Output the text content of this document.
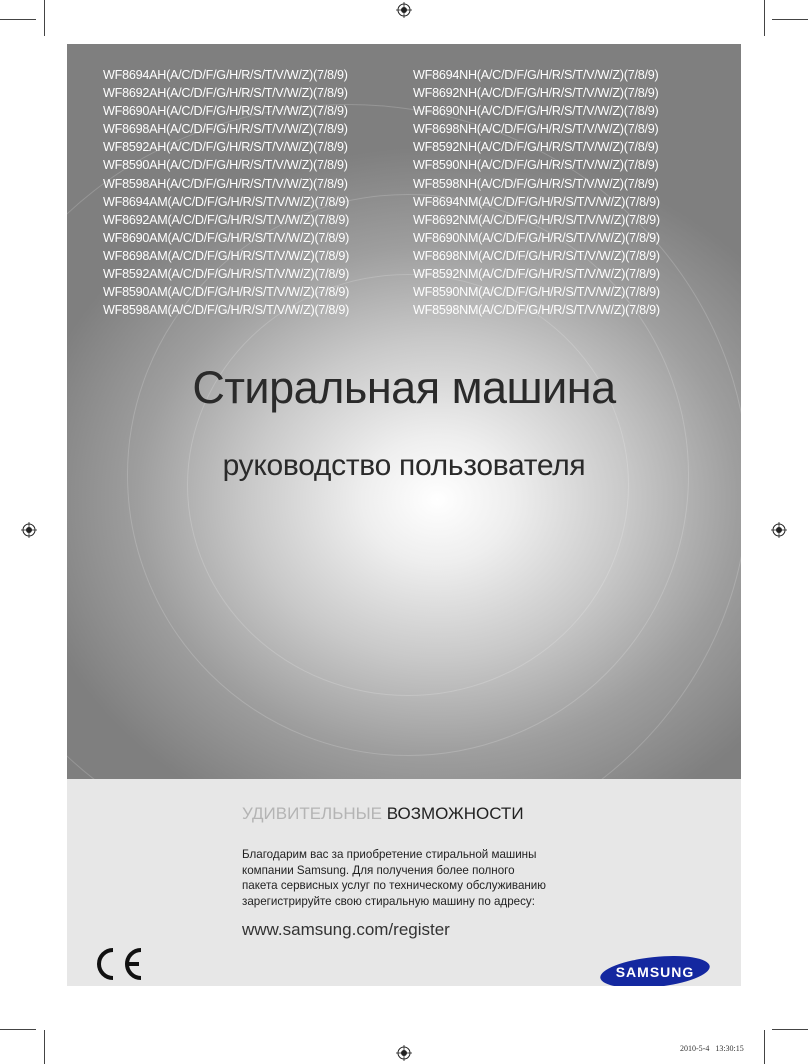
WF8694AH(A/C/D/F/G/H/R/S/T/V/W/Z)(7/8/9)	WF8694NH(A/C/D/F/G/H/R/S/T/V/W/Z)(7/8/9)
WF8692AH(A/C/D/F/G/H/R/S/T/V/W/Z)(7/8/9)	WF8692NH(A/C/D/F/G/H/R/S/T/V/W/Z)(7/8/9)
WF8690AH(A/C/D/F/G/H/R/S/T/V/W/Z)(7/8/9)	WF8690NH(A/C/D/F/G/H/R/S/T/V/W/Z)(7/8/9)
WF8698AH(A/C/D/F/G/H/R/S/T/V/W/Z)(7/8/9)	WF8698NH(A/C/D/F/G/H/R/S/T/V/W/Z)(7/8/9)
WF8592AH(A/C/D/F/G/H/R/S/T/V/W/Z)(7/8/9)	WF8592NH(A/C/D/F/G/H/R/S/T/V/W/Z)(7/8/9)
WF8590AH(A/C/D/F/G/H/R/S/T/V/W/Z)(7/8/9)	WF8590NH(A/C/D/F/G/H/R/S/T/V/W/Z)(7/8/9)
WF8598AH(A/C/D/F/G/H/R/S/T/V/W/Z)(7/8/9)	WF8598NH(A/C/D/F/G/H/R/S/T/V/W/Z)(7/8/9)
WF8694AM(A/C/D/F/G/H/R/S/T/V/W/Z)(7/8/9)	WF8694NM(A/C/D/F/G/H/R/S/T/V/W/Z)(7/8/9)
WF8692AM(A/C/D/F/G/H/R/S/T/V/W/Z)(7/8/9)	WF8692NM(A/C/D/F/G/H/R/S/T/V/W/Z)(7/8/9)
WF8690AM(A/C/D/F/G/H/R/S/T/V/W/Z)(7/8/9)	WF8690NM(A/C/D/F/G/H/R/S/T/V/W/Z)(7/8/9)
WF8698AM(A/C/D/F/G/H/R/S/T/V/W/Z)(7/8/9)	WF8698NM(A/C/D/F/G/H/R/S/T/V/W/Z)(7/8/9)
WF8592AM(A/C/D/F/G/H/R/S/T/V/W/Z)(7/8/9)	WF8592NM(A/C/D/F/G/H/R/S/T/V/W/Z)(7/8/9)
WF8590AM(A/C/D/F/G/H/R/S/T/V/W/Z)(7/8/9)	WF8590NM(A/C/D/F/G/H/R/S/T/V/W/Z)(7/8/9)
WF8598AM(A/C/D/F/G/H/R/S/T/V/W/Z)(7/8/9)	WF8598NM(A/C/D/F/G/H/R/S/T/V/W/Z)(7/8/9)
Стиральная машина
руководство пользователя
УДИВИТЕЛЬНЫЕ ВОЗМОЖНОСТИ
Благодарим вас за приобретение стиральной машины
компании Samsung. Для получения более полного
пакета сервисных услуг по техническому обслуживанию
зарегистрируйте свою стиральную машину по адресу:
www.samsung.com/register
SAMSUNG
2010-5-4 13:30:15
